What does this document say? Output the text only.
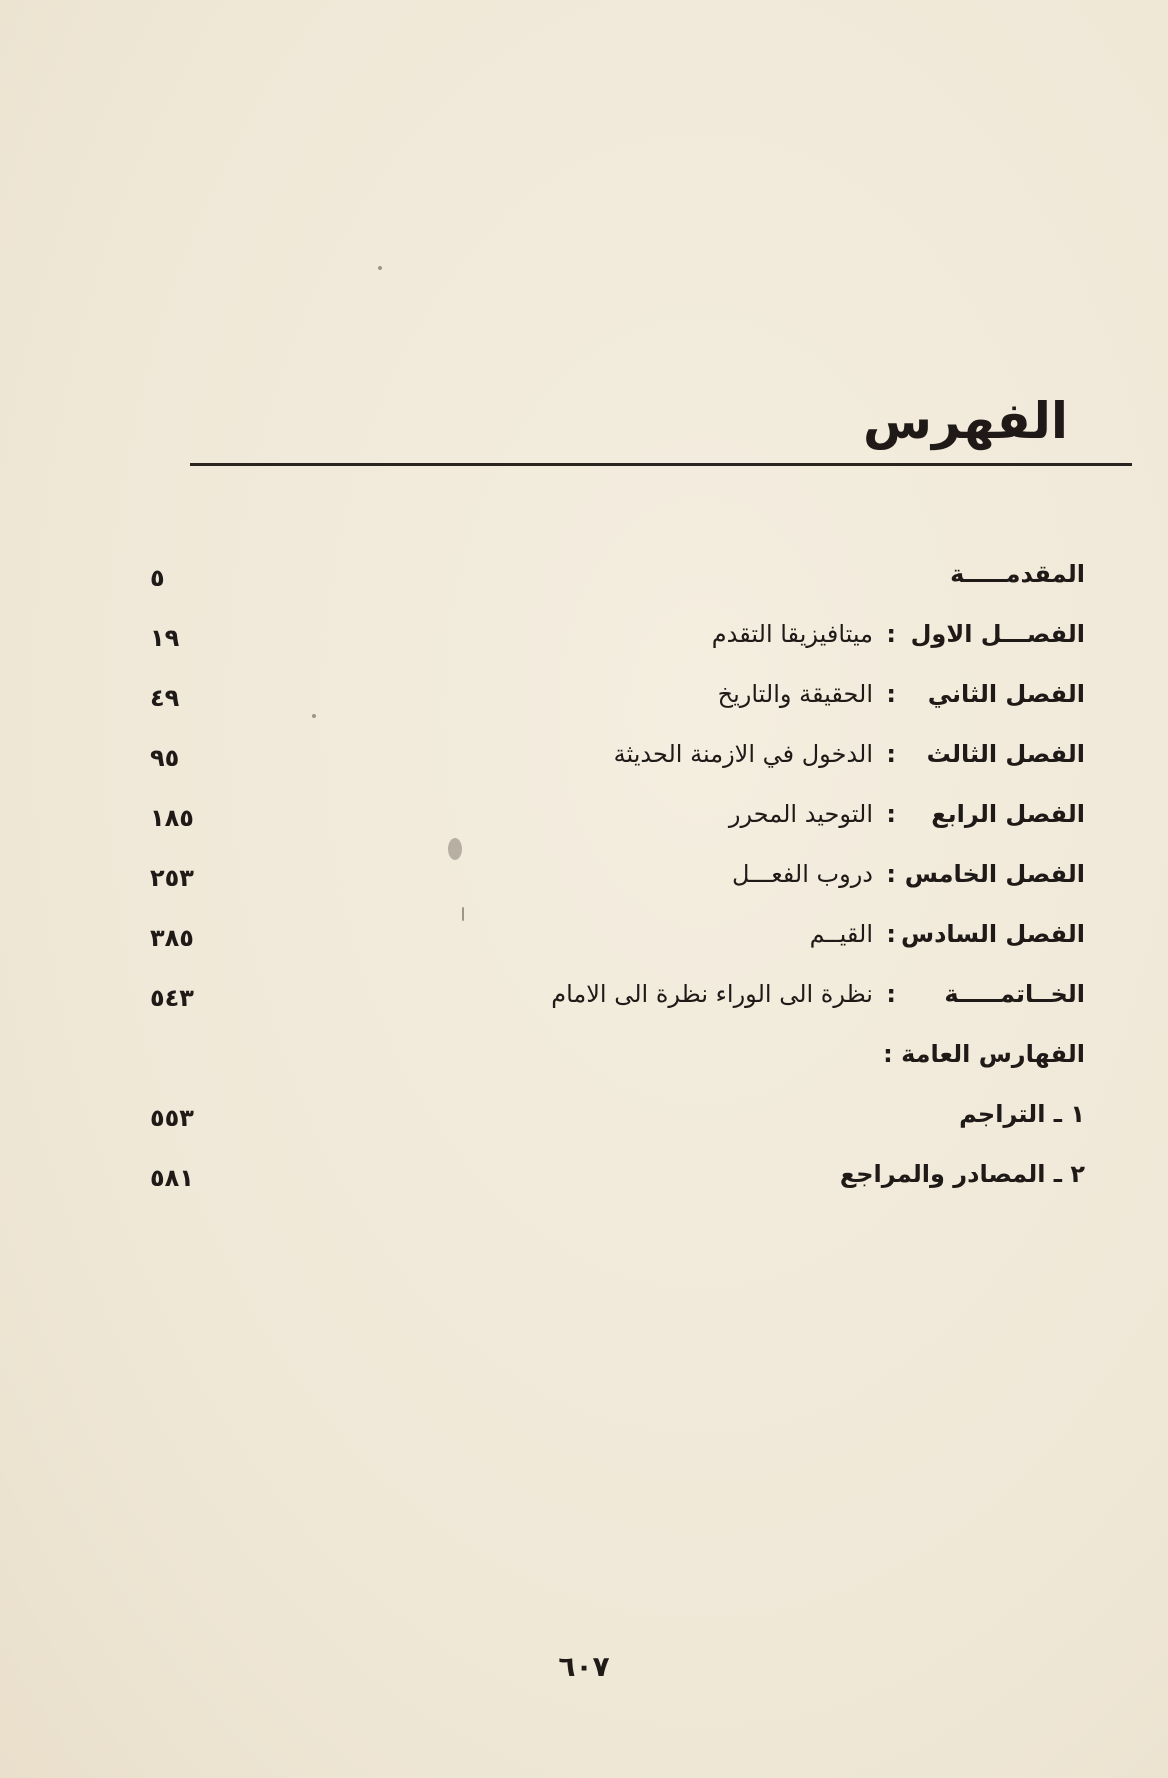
الفهرس
المقدمـــــة
٥
الفصـــل الاول
:
ميتافيزيقا التقدم
١٩
الفصل الثاني
:
الحقيقة والتاريخ
٤٩
الفصل الثالث
:
الدخول في الازمنة الحديثة
٩٥
الفصل الرابع
:
التوحيد المحرر
١٨٥
الفصل الخامس
:
دروب الفعـــل
٢٥٣
الفصل السادس
:
القيــم
٣٨٥
الخــاتمـــــة
:
نظرة الى الوراء نظرة الى الامام
٥٤٣
الفهارس العامة :
١ ـ التراجم
٥٥٣
٢ ـ المصادر والمراجع
٥٨١
٦٠٧
